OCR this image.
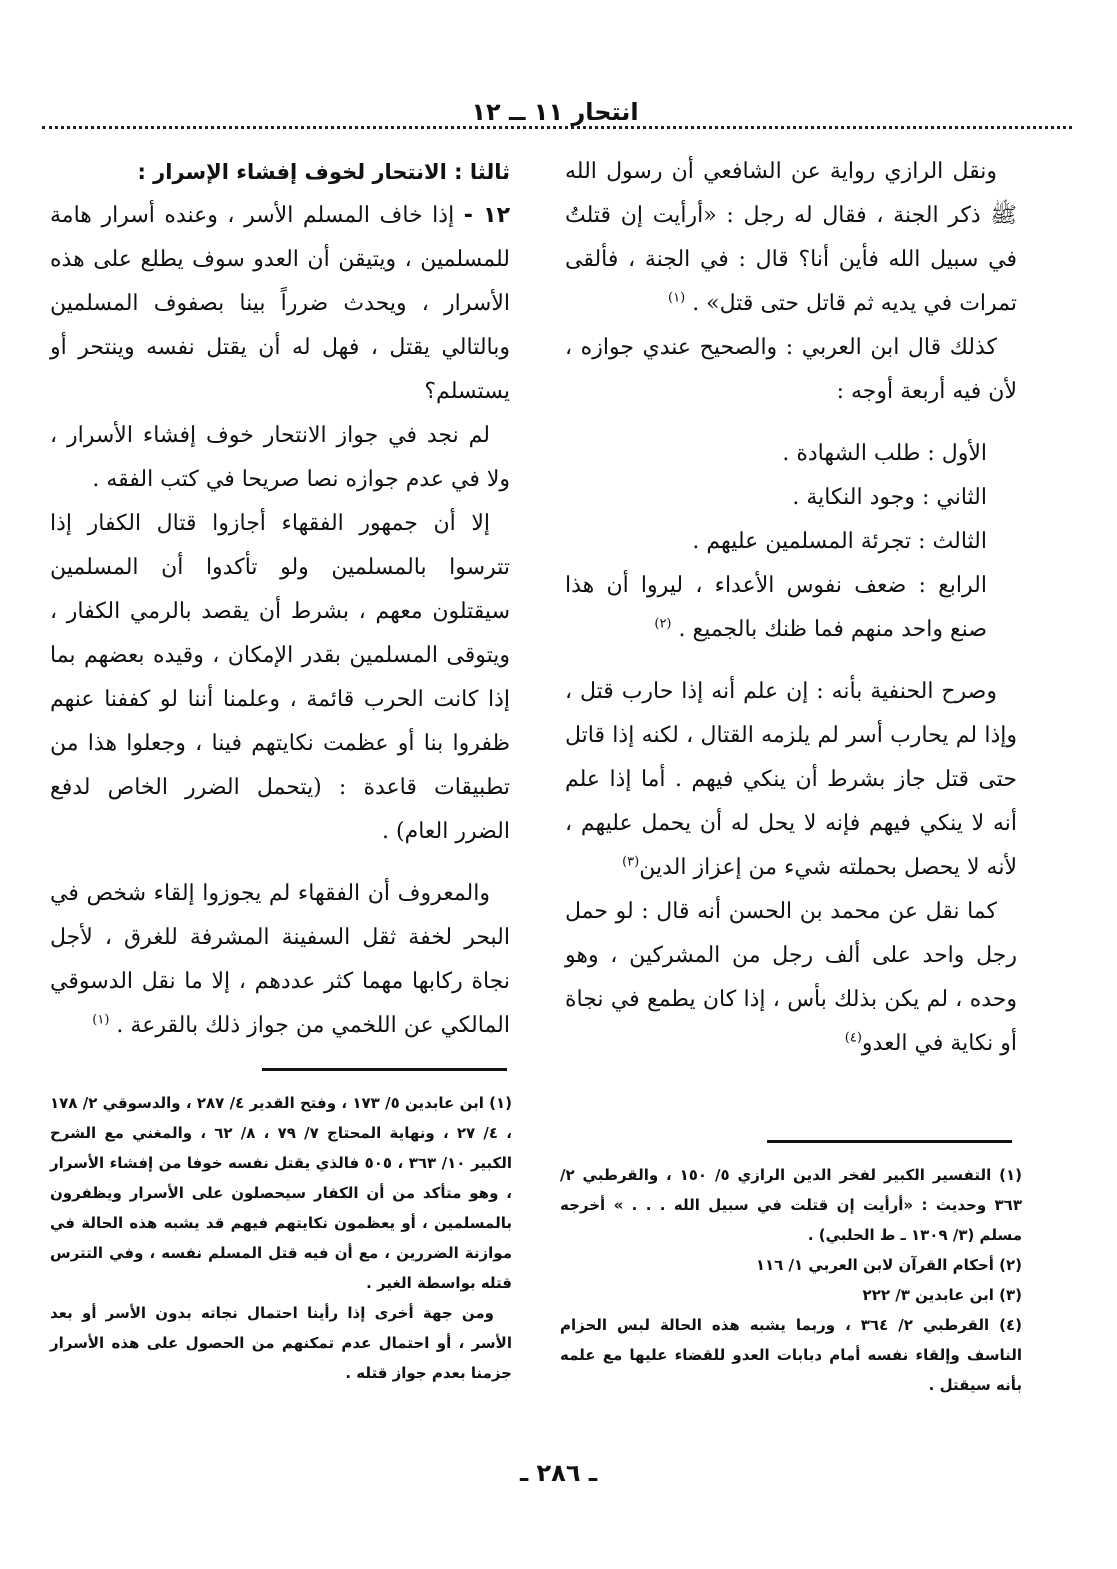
انتحار ١١ ــ ١٢

ونقل الرازي رواية عن الشافعي أن رسول الله ﷺ ذكر الجنة ، فقال له رجل : «أرأيت إن قتلتُ في سبيل الله فأين أنا؟ قال : في الجنة ، فألقى تمرات في يديه ثم قاتل حتى قتل» . $^{(١)}$

كذلك قال ابن العربي : والصحيح عندي جوازه ، لأن فيه أربعة أوجه :

الأول : طلب الشهادة .

الثاني : وجود النكاية .

الثالث : تجرئة المسلمين عليهم .

الرابع : ضعف نفوس الأعداء ، ليروا أن هذا صنع واحد منهم فما ظنك بالجميع . $^{(٢)}$

وصرح الحنفية بأنه : إن علم أنه إذا حارب قتل ، وإذا لم يحارب أسر لم يلزمه القتال ، لكنه إذا قاتل حتى قتل جاز بشرط أن ينكي فيهم . أما إذا علم أنه لا ينكي فيهم فإنه لا يحل له أن يحمل عليهم ، لأنه لا يحصل بحملته شيء من إعزاز الدين$^{(٣)}$

كما نقل عن محمد بن الحسن أنه قال : لو حمل رجل واحد على ألف رجل من المشركين ، وهو وحده ، لم يكن بذلك بأس ، إذا كان يطمع في نجاة أو نكاية في العدو$^{(٤)}$

ثالثا : الانتحار لخوف إفشاء الإسرار :

١٢ - إذا خاف المسلم الأسر ، وعنده أسرار هامة للمسلمين ، ويتيقن أن العدو سوف يطلع على هذه الأسرار ، ويحدث ضرراً بينا بصفوف المسلمين وبالتالي يقتل ، فهل له أن يقتل نفسه وينتحر أو يستسلم؟

لم نجد في جواز الانتحار خوف إفشاء الأسرار ، ولا في عدم جوازه نصا صريحا في كتب الفقه .

إلا أن جمهور الفقهاء أجازوا قتال الكفار إذا تترسوا بالمسلمين ولو تأكدوا أن المسلمين سيقتلون معهم ، بشرط أن يقصد بالرمي الكفار ، ويتوقى المسلمين بقدر الإمكان ، وقيده بعضهم بما إذا كانت الحرب قائمة ، وعلمنا أننا لو كففنا عنهم ظفروا بنا أو عظمت نكايتهم فينا ، وجعلوا هذا من تطبيقات قاعدة : (يتحمل الضرر الخاص لدفع الضرر العام) .

والمعروف أن الفقهاء لم يجوزوا إلقاء شخص في البحر لخفة ثقل السفينة المشرفة للغرق ، لأجل نجاة ركابها مهما كثر عددهم ، إلا ما نقل الدسوقي المالكي عن اللخمي من جواز ذلك بالقرعة . $^{(١)}$

(١) التفسير الكبير لفخر الدين الرازي ٥/ ١٥٠ ، والقرطبي ٢/ ٣٦٣ وحديث : «أرأيت إن قتلت في سبيل الله . . . » أخرجه مسلم (٣/ ١٣٠٩ ـ ط الحلبي) .

(٢) أحكام القرآن لابن العربي ١/ ١١٦

(٣) ابن عابدين ٣/ ٢٢٢

(٤) القرطبي ٢/ ٣٦٤ ، وربما يشبه هذه الحالة لبس الحزام الناسف وإلقاء نفسه أمام دبابات العدو للقضاء عليها مع علمه بأنه سيقتل .

(١) ابن عابدين ٥/ ١٧٣ ، وفتح القدير ٤/ ٢٨٧ ، والدسوقي ٢/ ١٧٨ ، ٤/ ٢٧ ، ونهاية المحتاج ٧/ ٧٩ ، ٨/ ٦٢ ، والمغني مع الشرح الكبير ١٠/ ٣٦٣ ، ٥٠٥ فالذي يقتل نفسه خوفا من إفشاء الأسرار ، وهو متأكد من أن الكفار سيحصلون على الأسرار ويظفرون بالمسلمين ، أو يعظمون نكايتهم فيهم قد يشبه هذه الحالة في موازنة الضررين ، مع أن فيه قتل المسلم نفسه ، وفي التترس قتله بواسطة الغير .

ومن جهة أخرى إذا رأينا احتمال نجاته بدون الأسر أو بعد الأسر ، أو احتمال عدم تمكنهم من الحصول على هذه الأسرار جزمنا بعدم جواز قتله .

ـ ٢٨٦ ـ
